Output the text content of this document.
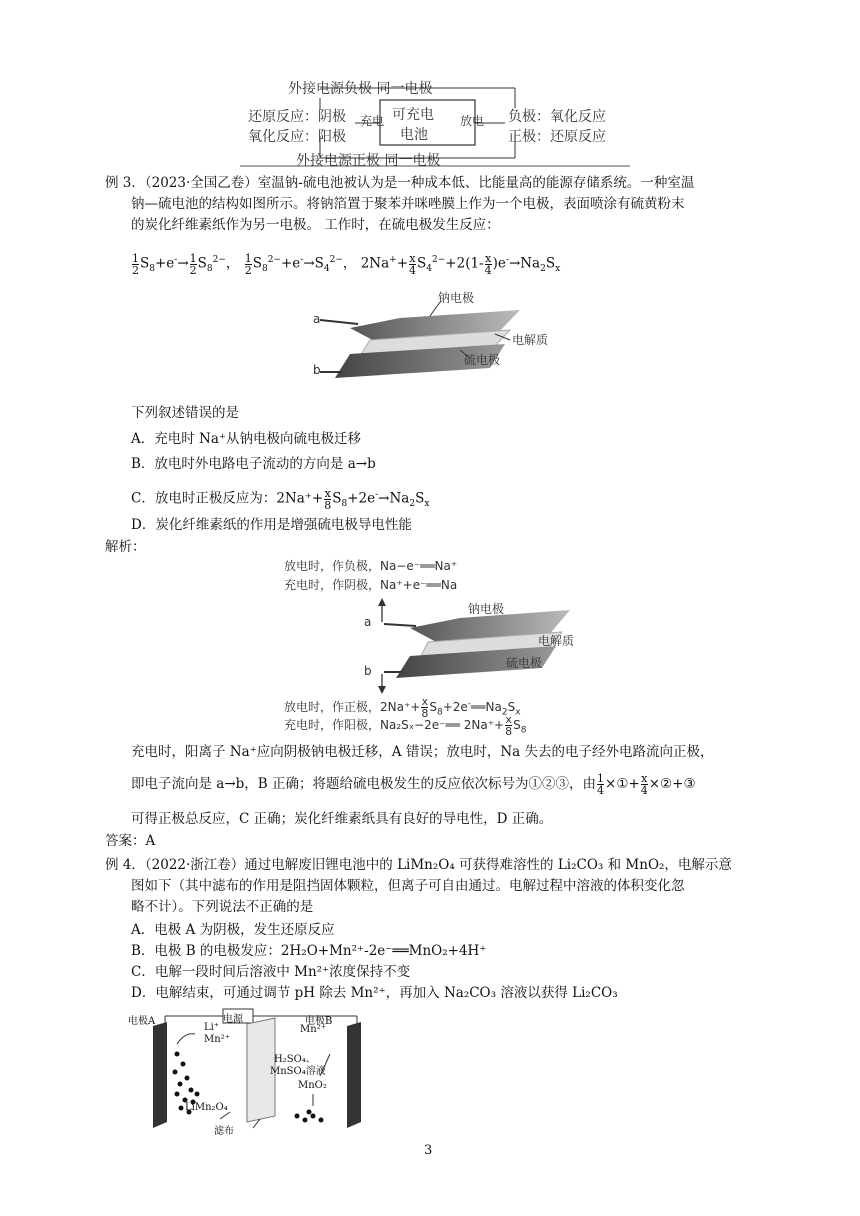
外接电源负极 同一电极
还原反应：阴极
氧化反应：阳极
可充电
电池
充电	放电 负极：氧化反应
正极：还原反应
外接电源正极 同一电极
例 3．（2023·全国乙卷）室温钠-硫电池被认为是一种成本低、比能量高的能源存储系统。一种室温
钠—硫电池的结构如图所示。将钠箔置于聚苯并咪唑膜上作为一个电极，表面喷涂有硫黄粉末
的炭化纤维素纸作为另一电极。 工作时，在硫电极发生反应：
$\frac{1}{2} S_8+e^-\to \frac{1}{2} S_8^{2-}$， $\frac{1}{2} S_8^{2-}+e^-\to S_4^{2-}$， $2Na^++ \frac{x}{4} S_4^{2-}+2(1- \frac{x}{4} )e^-\to Na_2S_x$
钠电极
电解质
硫电极
a
b
下列叙述错误的是
A．充电时 Na⁺从钠电极向硫电极迁移
B．放电时外电路电子流动的方向是 a→b
C．放电时正极反应为：$2Na^++ \frac{x}{8} S_8+2e^-\to Na_2S_x$
D．炭化纤维素纸的作用是增强硫电极导电性能
解析：
放电时，作负极，Na−e⁻══Na⁺
充电时，作阴极，Na⁺+e⁻══Na
钠电极
电解质
硫电极
a
b
放电时，作正极，$2Na^++ \frac{x}{8}$ $S_8+2e^-══Na_2S_x$
充电时，作阳极，Na₂Sₓ−2e⁻══ $2Na^++ \frac{x}{8} S_8$
充电时，阳离子 Na⁺应向阴极钠电极迁移，A 错误；放电时，Na 失去的电子经外电路流向正极，
即电子流向是 a→b，B 正确；将题给硫电极发生的反应依次标号为①②③，由 $\frac{1}{4}$ ×①+ $\frac{x}{4}$ ×②+③
可得正极总反应，C 正确；炭化纤维素纸具有良好的导电性，D 正确。
答案：A
例 4．（2022·浙江卷）通过电解废旧锂电池中的 LiMn₂O₄ 可获得难溶性的 Li₂CO₃ 和 MnO₂，电解示意
图如下（其中滤布的作用是阻挡固体颗粒，但离子可自由通过。电解过程中溶液的体积变化忽
略不计）。下列说法不正确的是
A．电极 A 为阴极，发生还原反应
B．电极 B 的电极发应：2H₂O+Mn²⁺-2e⁻══MnO₂+4H⁺
C．电解一段时间后溶液中 Mn²⁺浓度保持不变
D．电解结束，可通过调节 pH 除去 Mn²⁺，再加入 Na₂CO₃ 溶液以获得 Li₂CO₃
电源
电极A	电极B
Li⁺
Mn²⁺
Mn²⁺
H₂SO₄、
MnSO₄溶液
MnO₂
LiMn₂O₄
滤布
3
